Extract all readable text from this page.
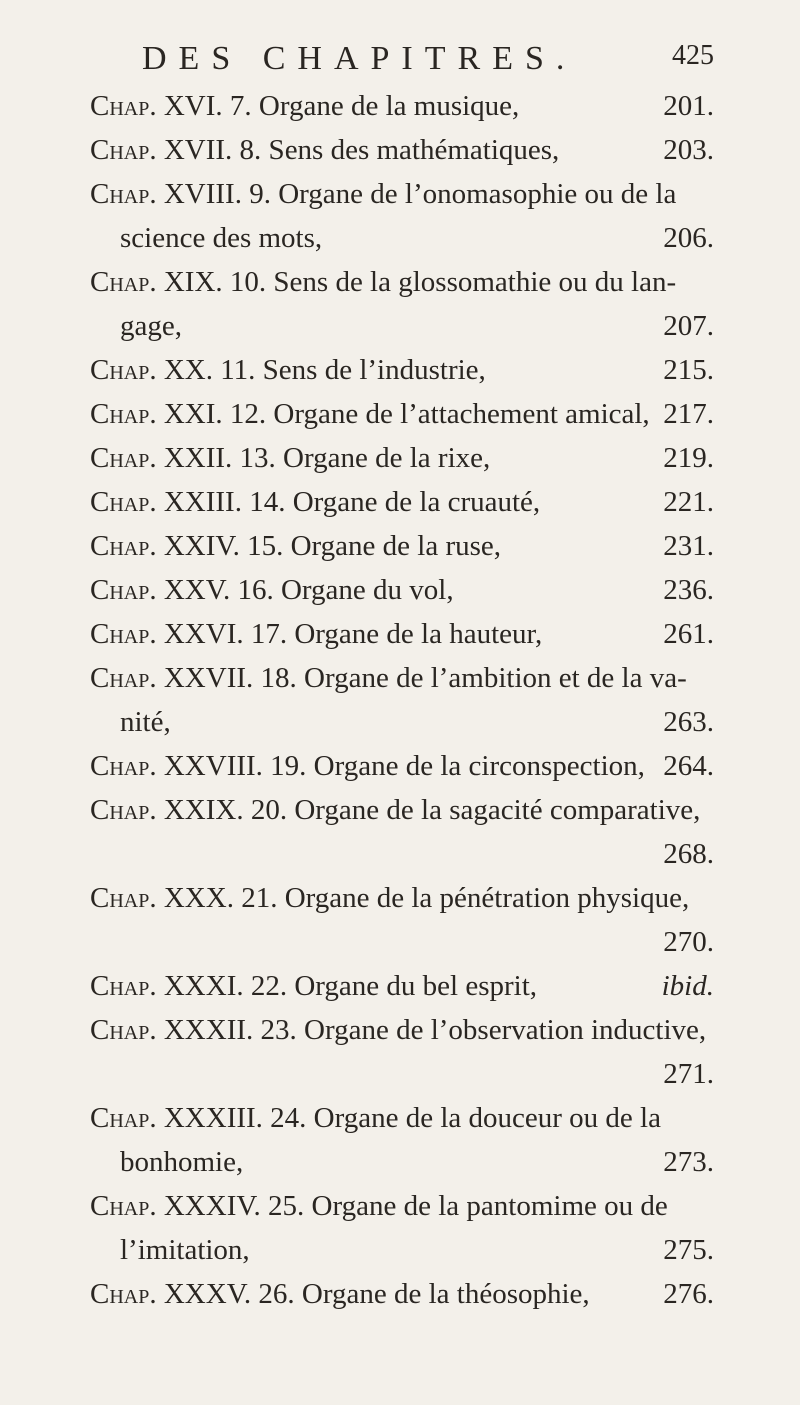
DES CHAPITRES.	425
Chap. XVI. 7. Organe de la musique,	201.
Chap. XVII. 8. Sens des mathématiques,	203.
Chap. XVIII. 9. Organe de l’onomasophie ou de la
science des mots,	206.
Chap. XIX. 10. Sens de la glossomathie ou du lan-
gage,	207.
Chap. XX. 11. Sens de l’industrie,	215.
Chap. XXI. 12. Organe de l’attachement amical, 217.
Chap. XXII. 13. Organe de la rixe,	219.
Chap. XXIII. 14. Organe de la cruauté,	221.
Chap. XXIV. 15. Organe de la ruse,	231.
Chap. XXV. 16. Organe du vol,	236.
Chap. XXVI. 17. Organe de la hauteur,	261.
Chap. XXVII. 18. Organe de l’ambition et de la va-
nité,	263.
Chap. XXVIII. 19. Organe de la circonspection, 264.
Chap. XXIX. 20. Organe de la sagacité comparative,
268.
Chap. XXX. 21. Organe de la pénétration physique,
270.
Chap. XXXI. 22. Organe du bel esprit,	ibid.
Chap. XXXII. 23. Organe de l’observation inductive,
271.
Chap. XXXIII. 24. Organe de la douceur ou de la
bonhomie,	273.
Chap. XXXIV. 25. Organe de la pantomime ou de
l’imitation,	275.
Chap. XXXV. 26. Organe de la théosophie,	276.
